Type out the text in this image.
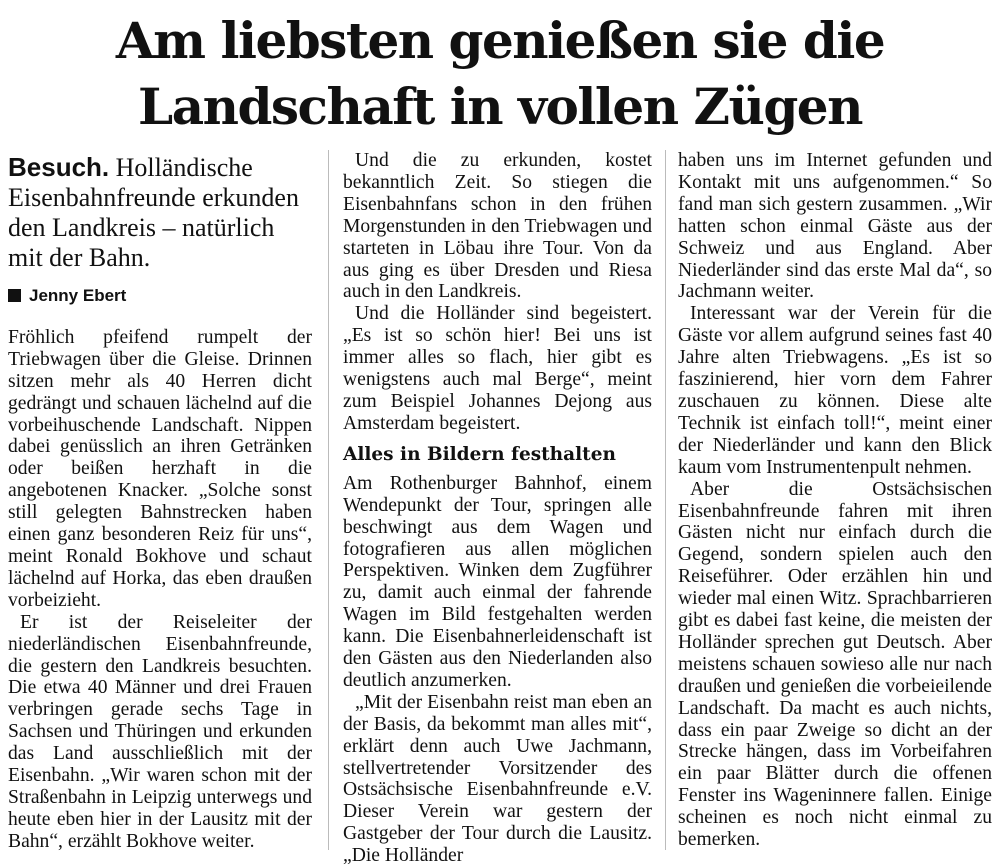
Am liebsten genießen sie die Landschaft in vollen Zügen

Besuch. Holländische Eisenbahnfreunde erkunden den Landkreis – natürlich mit der Bahn.

Jenny Ebert

Fröhlich pfeifend rumpelt der Triebwagen über die Gleise. Drinnen sitzen mehr als 40 Herren dicht gedrängt und schauen lächelnd auf die vorbeihuschende Landschaft. Nippen dabei genüsslich an ihren Getränken oder beißen herzhaft in die angebotenen Knacker. „Solche sonst still gelegten Bahnstrecken haben einen ganz besonderen Reiz für uns“, meint Ronald Bokhove und schaut lächelnd auf Horka, das eben draußen vorbeizieht.

Er ist der Reiseleiter der niederländischen Eisenbahnfreunde, die gestern den Landkreis besuchten. Die etwa 40 Männer und drei Frauen verbringen gerade sechs Tage in Sachsen und Thüringen und erkunden das Land ausschließlich mit der Eisenbahn. „Wir waren schon mit der Straßenbahn in Leipzig unterwegs und heute eben hier in der Lausitz mit der Bahn“, erzählt Bokhove weiter.

Und die zu erkunden, kostet bekanntlich Zeit. So stiegen die Eisenbahnfans schon in den frühen Morgenstunden in den Triebwagen und starteten in Löbau ihre Tour. Von da aus ging es über Dresden und Riesa auch in den Landkreis.

Und die Holländer sind begeistert. „Es ist so schön hier! Bei uns ist immer alles so flach, hier gibt es wenigstens auch mal Berge“, meint zum Beispiel Johannes Dejong aus Amsterdam begeistert.

Alles in Bildern festhalten

Am Rothenburger Bahnhof, einem Wendepunkt der Tour, springen alle beschwingt aus dem Wagen und fotografieren aus allen möglichen Perspektiven. Winken dem Zugführer zu, damit auch einmal der fahrende Wagen im Bild festgehalten werden kann. Die Eisenbahnerleidenschaft ist den Gästen aus den Niederlanden also deutlich anzumerken.

„Mit der Eisenbahn reist man eben an der Basis, da bekommt man alles mit“, erklärt denn auch Uwe Jachmann, stellvertretender Vorsitzender des Ostsächsische Eisenbahnfreunde e.V. Dieser Verein war gestern der Gastgeber der Tour durch die Lausitz. „Die Holländer

haben uns im Internet gefunden und Kontakt mit uns aufgenommen.“ So fand man sich gestern zusammen. „Wir hatten schon einmal Gäste aus der Schweiz und aus England. Aber Niederländer sind das erste Mal da“, so Jachmann weiter.

Interessant war der Verein für die Gäste vor allem aufgrund seines fast 40 Jahre alten Triebwagens. „Es ist so faszinierend, hier vorn dem Fahrer zuschauen zu können. Diese alte Technik ist einfach toll!“, meint einer der Niederländer und kann den Blick kaum vom Instrumentenpult nehmen.

Aber die Ostsächsischen Eisenbahnfreunde fahren mit ihren Gästen nicht nur einfach durch die Gegend, sondern spielen auch den Reiseführer. Oder erzählen hin und wieder mal einen Witz. Sprachbarrieren gibt es dabei fast keine, die meisten der Holländer sprechen gut Deutsch. Aber meistens schauen sowieso alle nur nach draußen und genießen die vorbeieilende Landschaft. Da macht es auch nichts, dass ein paar Zweige so dicht an der Strecke hängen, dass im Vorbeifahren ein paar Blätter durch die offenen Fenster ins Wageninnere fallen. Einige scheinen es noch nicht einmal zu bemerken.
